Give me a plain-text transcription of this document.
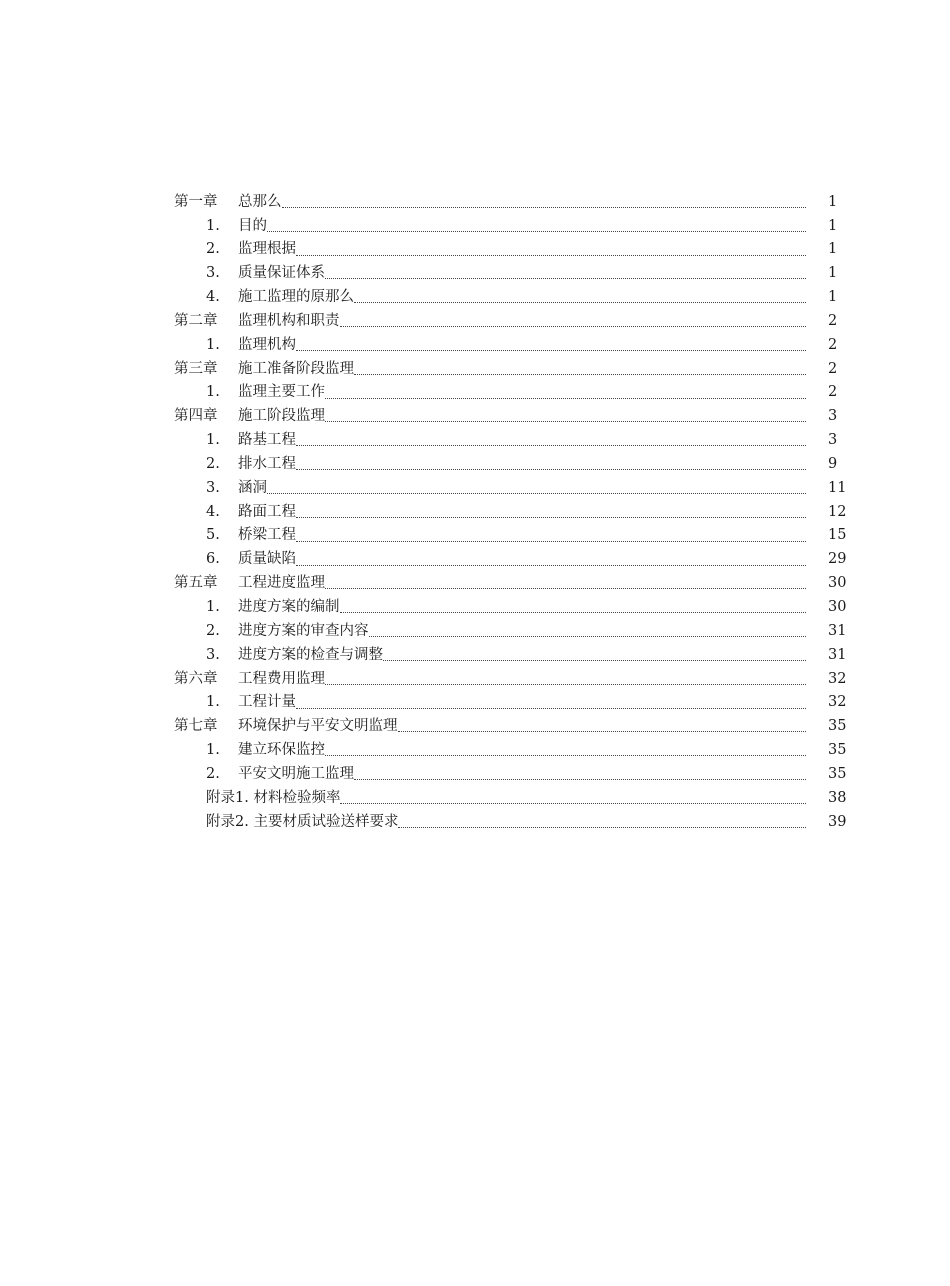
第一章	总那么	1
1.	目的	1
2.	监理根据	1
3.	质量保证体系	1
4.	施工监理的原那么	1
第二章	监理机构和职责	2
1.	监理机构	2
第三章	施工准备阶段监理	2
1.	监理主要工作	2
第四章	施工阶段监理	3
1.	路基工程	3
2.	排水工程	9
3.	涵洞	11
4.	路面工程	12
5.	桥梁工程	15
6.	质量缺陷	29
第五章	工程进度监理	30
1.	进度方案的编制	30
2.	进度方案的审查内容	31
3.	进度方案的检查与调整	31
第六章	工程费用监理	32
1.	工程计量	32
第七章	环境保护与平安文明监理	35
1.	建立环保监控	35
2.	平安文明施工监理	35
附录1. 材料检验频率	38
附录2. 主要材质试验送样要求	39
